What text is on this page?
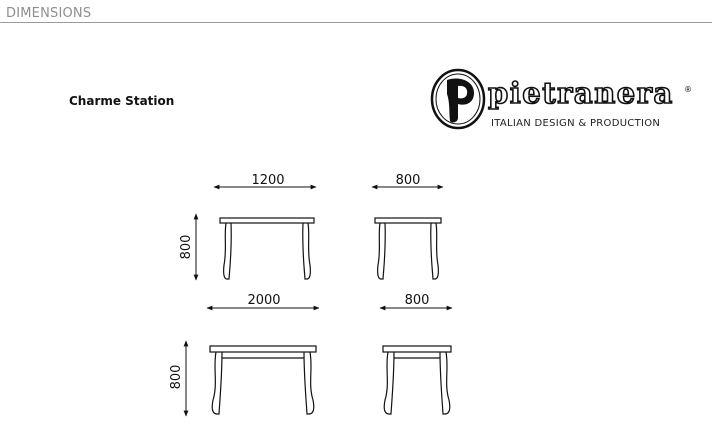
DIMENSIONS
Charme Station	pietranera ®
ITALIAN DESIGN & PRODUCTION
1200
800
800
2000
800
800
